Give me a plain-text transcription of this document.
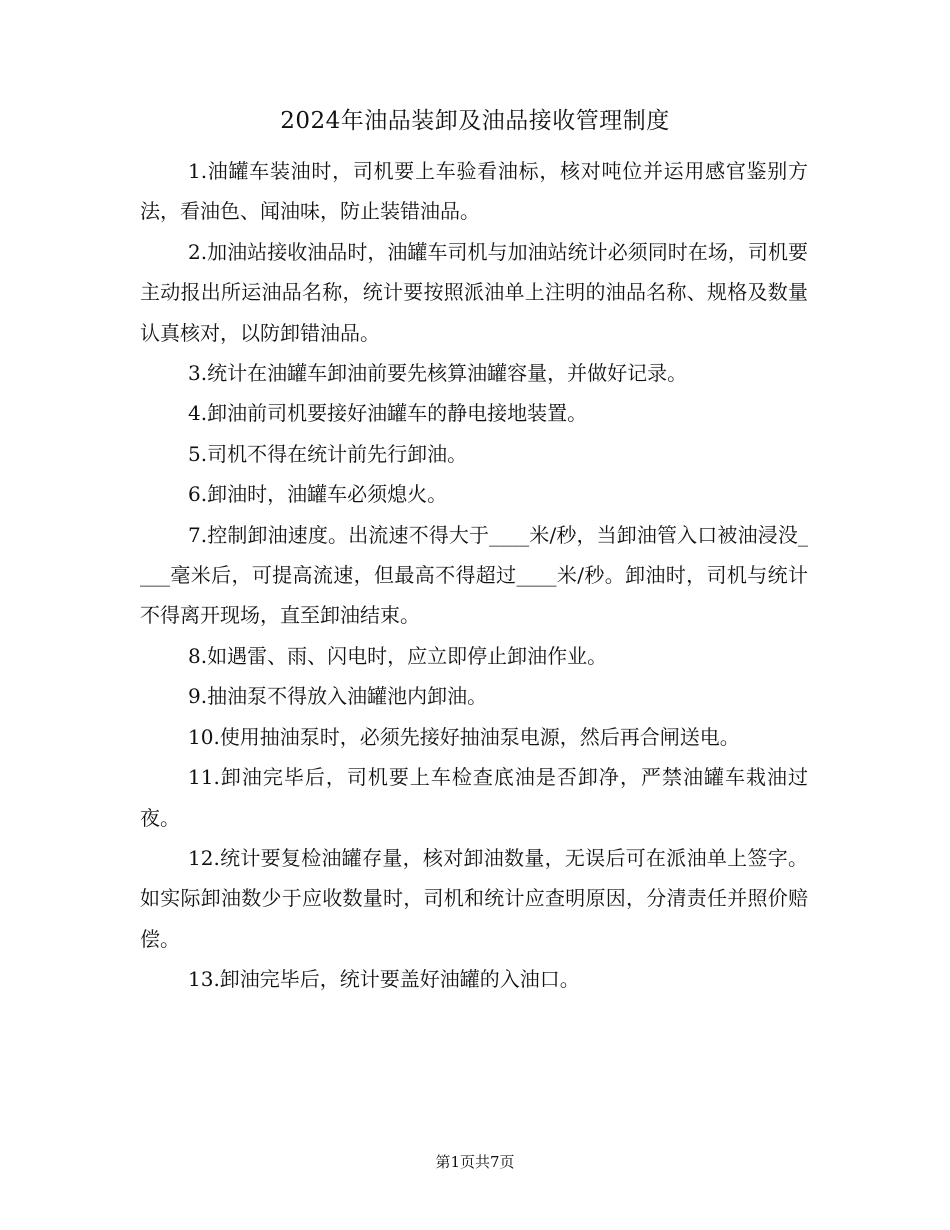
2024年油品装卸及油品接收管理制度

1.油罐车装油时，司机要上车验看油标，核对吨位并运用感官鉴别方法，看油色、闻油味，防止装错油品。

2.加油站接收油品时，油罐车司机与加油站统计必须同时在场，司机要主动报出所运油品名称，统计要按照派油单上注明的油品名称、规格及数量认真核对，以防卸错油品。

3.统计在油罐车卸油前要先核算油罐容量，并做好记录。

4.卸油前司机要接好油罐车的静电接地装置。

5.司机不得在统计前先行卸油。

6.卸油时，油罐车必须熄火。

7.控制卸油速度。出流速不得大于____米/秒，当卸油管入口被油浸没____毫米后，可提高流速，但最高不得超过____米/秒。卸油时，司机与统计不得离开现场，直至卸油结束。

8.如遇雷、雨、闪电时，应立即停止卸油作业。

9.抽油泵不得放入油罐池内卸油。

10.使用抽油泵时，必须先接好抽油泵电源，然后再合闸送电。

11.卸油完毕后，司机要上车检查底油是否卸净，严禁油罐车栽油过夜。

12.统计要复检油罐存量，核对卸油数量，无误后可在派油单上签字。如实际卸油数少于应收数量时，司机和统计应查明原因，分清责任并照价赔偿。

13.卸油完毕后，统计要盖好油罐的入油口。

第1页共7页
